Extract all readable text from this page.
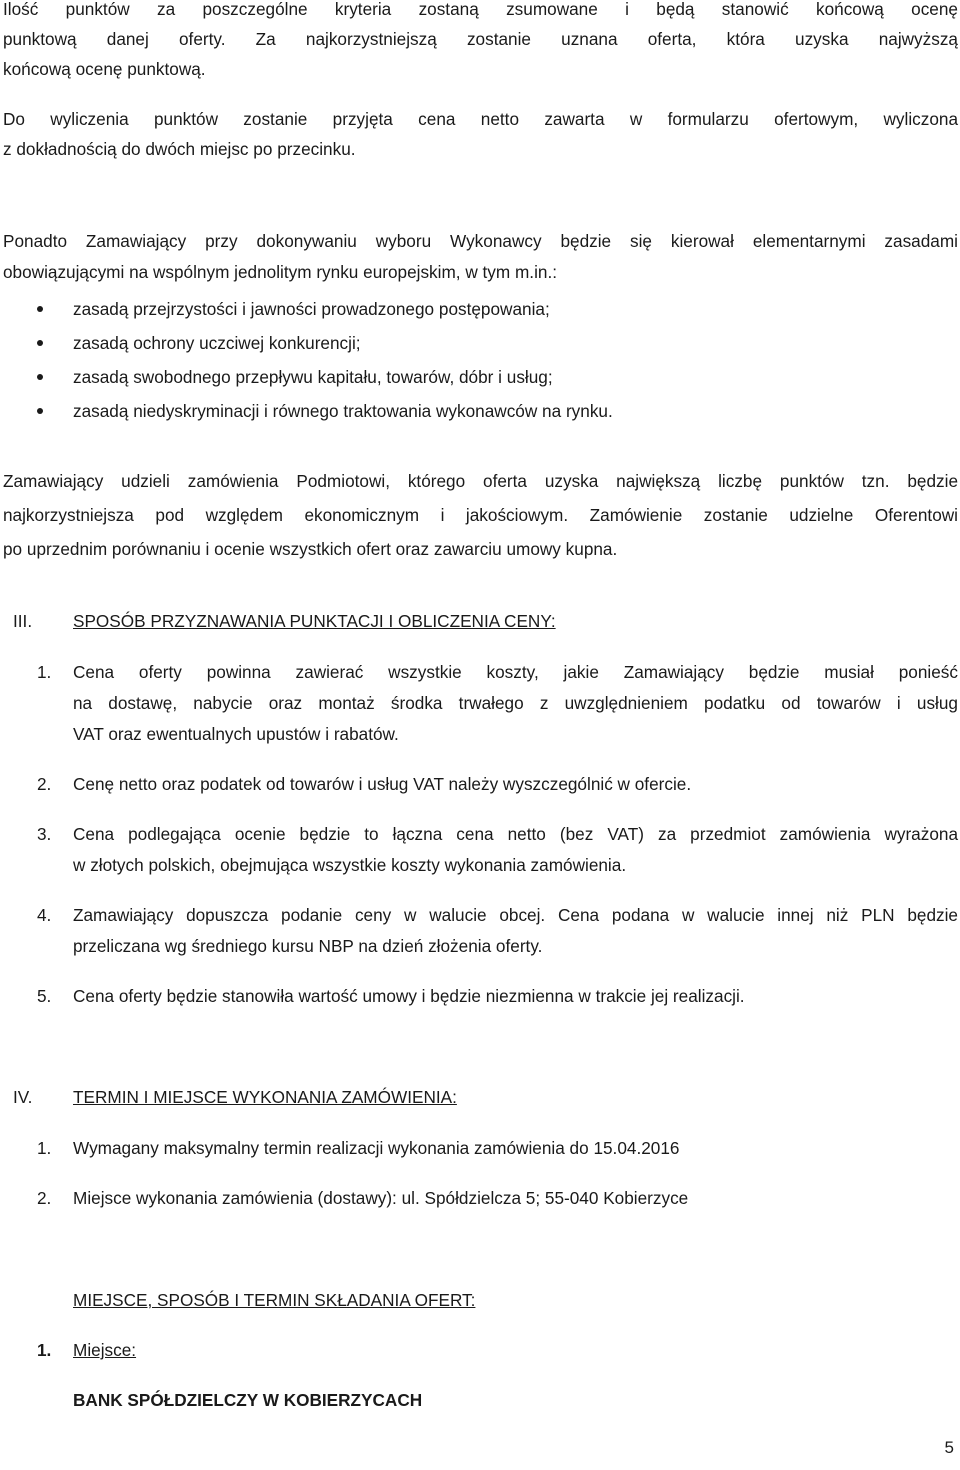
Ilość punktów za poszczególne kryteria zostaną zsumowane i będą stanowić końcową ocenę
punktową danej oferty. Za najkorzystniejszą zostanie uznana oferta, która uzyska najwyższą
końcową ocenę punktową.
Do wyliczenia punktów zostanie przyjęta cena netto zawarta w formularzu ofertowym, wyliczona
z dokładnością do dwóch miejsc po przecinku.
Ponadto Zamawiający przy dokonywaniu wyboru Wykonawcy będzie się kierował elementarnymi zasadami
obowiązującymi na wspólnym jednolitym rynku europejskim, w tym m.in.:
zasadą przejrzystości i jawności prowadzonego postępowania;
zasadą ochrony uczciwej konkurencji;
zasadą swobodnego przepływu kapitału, towarów, dóbr i usług;
zasadą niedyskryminacji i równego traktowania wykonawców na rynku.
Zamawiający udzieli zamówienia Podmiotowi, którego oferta uzyska największą liczbę punktów tzn. będzie
najkorzystniejsza pod względem ekonomicznym i jakościowym. Zamówienie zostanie udzielne Oferentowi
po uprzednim porównaniu i ocenie wszystkich ofert oraz zawarciu umowy kupna.
III. SPOSÓB PRZYZNAWANIA PUNKTACJI I OBLICZENIA CENY:
1. Cena oferty powinna zawierać wszystkie koszty, jakie Zamawiający będzie musiał ponieść
na dostawę, nabycie oraz montaż środka trwałego z uwzględnieniem podatku od towarów i usług
VAT oraz ewentualnych upustów i rabatów.
2. Cenę netto oraz podatek od towarów i usług VAT należy wyszczególnić w ofercie.
3. Cena podlegająca ocenie będzie to łączna cena netto (bez VAT) za przedmiot zamówienia wyrażona
w złotych polskich, obejmująca wszystkie koszty wykonania zamówienia.
4. Zamawiający dopuszcza podanie ceny w walucie obcej. Cena podana w walucie innej niż PLN będzie
przeliczana wg średniego kursu NBP na dzień złożenia oferty.
5. Cena oferty będzie stanowiła wartość umowy i będzie niezmienna w trakcie jej realizacji.
IV. TERMIN I MIEJSCE WYKONANIA ZAMÓWIENIA:
1. Wymagany maksymalny termin realizacji wykonania zamówienia do 15.04.2016
2. Miejsce wykonania zamówienia (dostawy): ul. Spółdzielcza 5; 55-040 Kobierzyce
MIEJSCE, SPOSÓB I TERMIN SKŁADANIA OFERT:
1. Miejsce:
BANK SPÓŁDZIELCZY W KOBIERZYCACH
5
